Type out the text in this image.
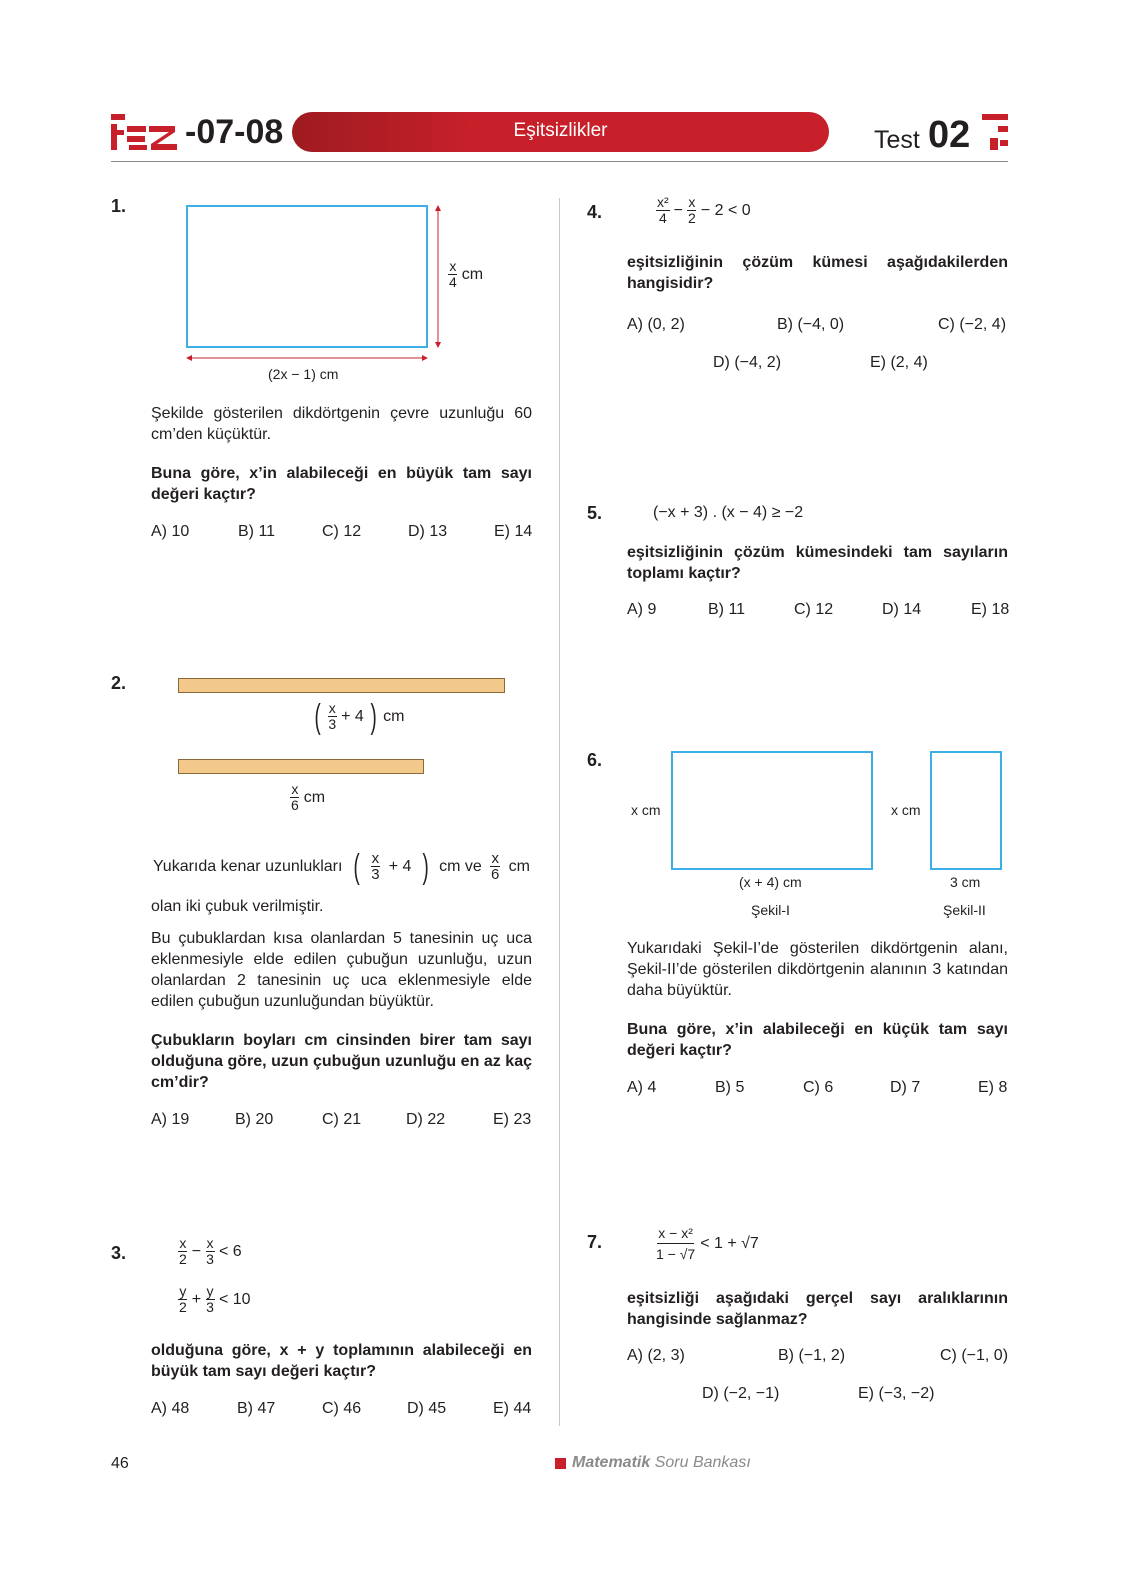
-07-08	Eşitsizlikler	Test 02
1.
$\frac{x}{4}$ cm
(2x − 1) cm
Şekilde gösterilen dikdörtgenin çevre uzunluğu 60 cm’den küçüktür.
Buna göre, x’in alabileceği en büyük tam sayı değeri kaçtır?
A) 10	B) 11	C) 12	D) 13	E) 14
2.
( $\frac{x}{3} + 4$ ) cm
$\frac{x}{6}$ cm
Yukarıda kenar uzunlukları ( $\frac{x}{3} + 4$ ) cm ve $\frac{x}{6}$ cm
olan iki çubuk verilmiştir.
Bu çubuklardan kısa olanlardan 5 tanesinin uç uca eklenmesiyle elde edilen çubuğun uzunluğu, uzun olanlardan 2 tanesinin uç uca eklenmesiyle elde edilen çubuğun uzunluğundan büyüktür.
Çubukların boyları cm cinsinden birer tam sayı olduğuna göre, uzun çubuğun uzunluğu en az kaç cm’dir?
A) 19	B) 20	C) 21	D) 22	E) 23
3.	$\frac{x}{2} - \frac{x}{3} < 6$
$\frac{y}{2} + \frac{y}{3} < 10$
olduğuna göre, x + y toplamının alabileceği en büyük tam sayı değeri kaçtır?
A) 48	B) 47	C) 46	D) 45	E) 44
4.	$\frac{\text{x²}}{4} - \frac{x}{2} - 2 < 0$
eşitsizliğinin çözüm kümesi aşağıdakilerden hangisidir?
A) (0, 2)	B) (−4, 0)	C) (−2, 4)
D) (−4, 2)	E) (2, 4)
5.	(−x + 3) . (x − 4) ≥ −2
eşitsizliğinin çözüm kümesindeki tam sayıların toplamı kaçtır?
A) 9	B) 11	C) 12	D) 14	E) 18
6.
x cm
(x + 4) cm
Şekil-I
x cm
3 cm
Şekil-II
Yukarıdaki Şekil-I’de gösterilen dikdörtgenin alanı, Şekil-II’de gösterilen dikdörtgenin alanının 3 katından daha büyüktür.
Buna göre, x’in alabileceği en küçük tam sayı değeri kaçtır?
A) 4	B) 5	C) 6	D) 7	E) 8
7.	$\frac{\text{x − x²}}{1 - √7} < 1 + √7$
eşitsizliği aşağıdaki gerçel sayı aralıklarının hangisinde sağlanmaz?
A) (2, 3)	B) (−1, 2)	C) (−1, 0)
D) (−2, −1)	E) (−3, −2)
46	Matematik Soru Bankası
